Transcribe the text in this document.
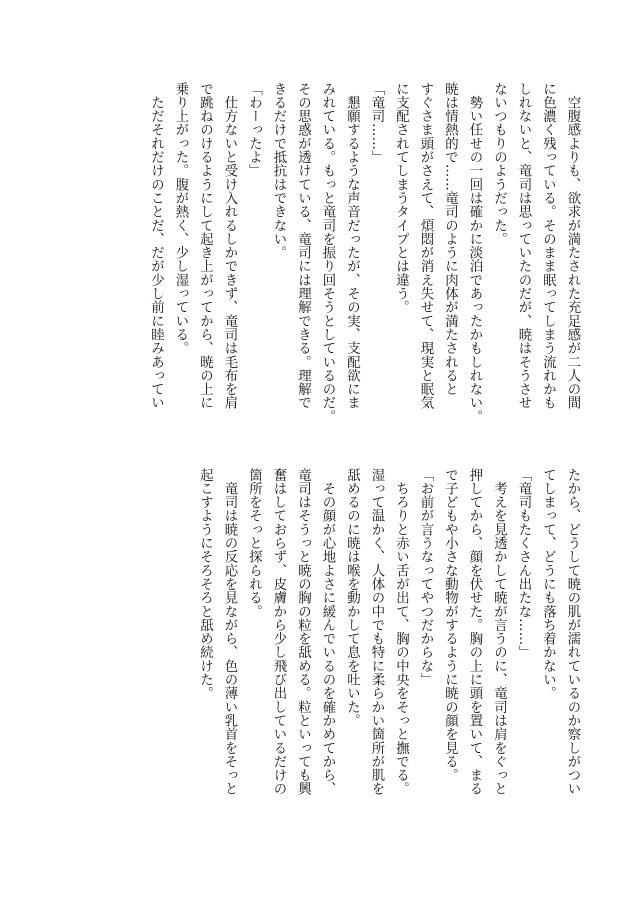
　空腹感よりも、欲求が満たされた充足感が二人の間
に色濃く残っている。そのまま眠ってしまう流れかも
しれないと、竜司は思っていたのだが、暁はそうさせ
ないつもりのようだった。
　勢い任せの一回は確かに淡泊であったかもしれない。
暁は情熱的で……竜司のように肉体が満たされると
すぐさま頭がさえて、煩悶が消え失せて、現実と眠気
に支配されてしまうタイプとは違う。
「竜司……」
　懇願するような声音だったが、その実、支配欲にま
みれている。もっと竜司を振り回そうとしているのだ。
その思惑が透けている、竜司には理解できる。理解で
きるだけで抵抗はできない。
「わーったよ」
　仕方ないと受け入れるしかできず、竜司は毛布を肩
で跳ねのけるようにして起き上がってから、暁の上に
乗り上がった。腹が熱く、少し湿っている。
　ただそれだけのことだ、だが少し前に睦みあってい
たから、どうして暁の肌が濡れているのか察しがつい
てしまって、どうにも落ち着かない。
「竜司もたくさん出たな……」
　考えを見透かして暁が言うのに、竜司は肩をぐっと
押してから、顔を伏せた。胸の上に頭を置いて、まる
で子どもや小さな動物がするように暁の顔を見る。
「お前が言うなってやつだからな」
　ちろりと赤い舌が出て、胸の中央をそっと撫でる。
湿って温かく、人体の中でも特に柔らかい箇所が肌を
舐めるのに暁は喉を動かして息を吐いた。
　その顔が心地よさに緩んでいるのを確かめてから、
竜司はそうっと暁の胸の粒を舐める。粒といっても興
奮はしておらず、皮膚から少し飛び出しているだけの
箇所をそっと探られる。
　竜司は暁の反応を見ながら、色の薄い乳首をそっと
起こすようにそろそろと舐め続けた。
